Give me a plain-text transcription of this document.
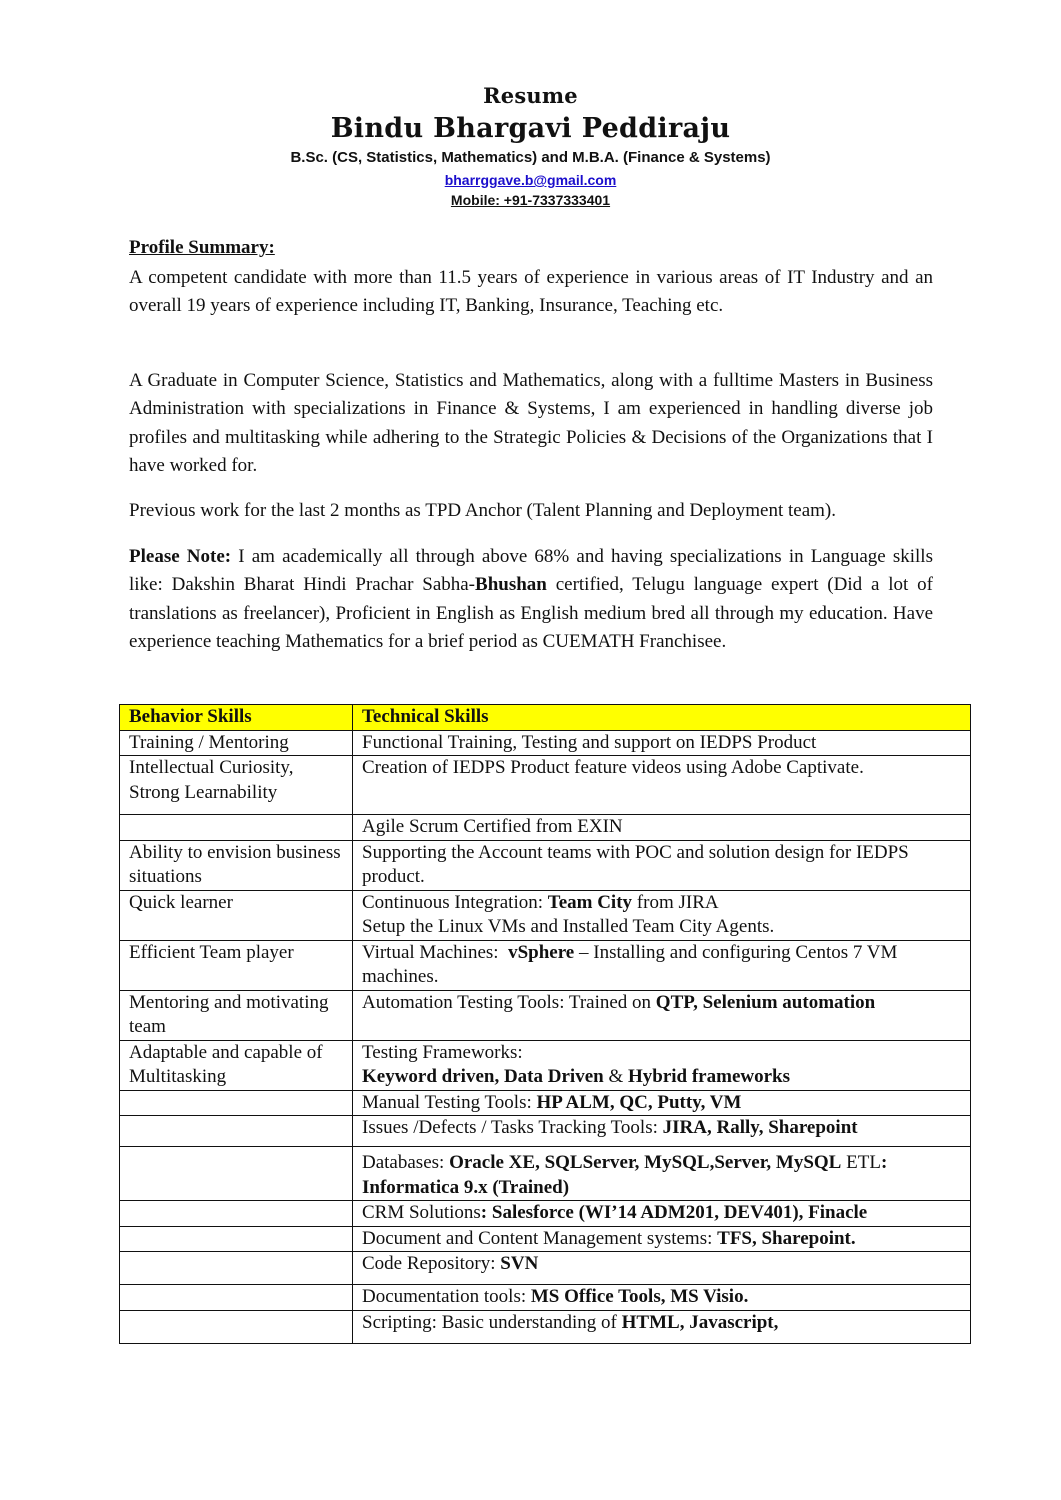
Resume
Bindu Bhargavi Peddiraju
B.Sc. (CS, Statistics, Mathematics) and M.B.A. (Finance & Systems)
bharrggave.b@gmail.com
Mobile: +91-7337333401
Profile Summary:
A competent candidate with more than 11.5 years of experience in various areas of IT Industry and an overall 19 years of experience including IT, Banking, Insurance, Teaching etc.
A Graduate in Computer Science, Statistics and Mathematics, along with a fulltime Masters in Business Administration with specializations in Finance & Systems, I am experienced in handling diverse job profiles and multitasking while adhering to the Strategic Policies & Decisions of the Organizations that I have worked for.
Previous work for the last 2 months as TPD Anchor (Talent Planning and Deployment team).
Please Note: I am academically all through above 68% and having specializations in Language skills like: Dakshin Bharat Hindi Prachar Sabha-Bhushan certified, Telugu language expert (Did a lot of translations as freelancer), Proficient in English as English medium bred all through my education. Have experience teaching Mathematics for a brief period as CUEMATH Franchisee.
Behavior Skills	Technical Skills
Training / Mentoring	Functional Training, Testing and support on IEDPS Product
Intellectual Curiosity, Strong Learnability	Creation of IEDPS Product feature videos using Adobe Captivate.
	Agile Scrum Certified from EXIN
Ability to envision business situations	Supporting the Account teams with POC and solution design for IEDPS product.
Quick learner	Continuous Integration: Team City from JIRA
Setup the Linux VMs and Installed Team City Agents.
Efficient Team player	Virtual Machines:  vSphere – Installing and configuring Centos 7 VM machines.
Mentoring and motivating team	Automation Testing Tools: Trained on QTP, Selenium automation
Adaptable and capable of Multitasking	Testing Frameworks:
Keyword driven, Data Driven & Hybrid frameworks
	Manual Testing Tools: HP ALM, QC, Putty, VM
	Issues /Defects / Tasks Tracking Tools: JIRA, Rally, Sharepoint
	Databases: Oracle XE, SQLServer, MySQL,Server, MySQL ETL: Informatica 9.x (Trained)
	CRM Solutions: Salesforce (WI’14 ADM201, DEV401), Finacle
	Document and Content Management systems: TFS, Sharepoint.
	Code Repository: SVN
	Documentation tools: MS Office Tools, MS Visio.
	Scripting: Basic understanding of HTML, Javascript,
